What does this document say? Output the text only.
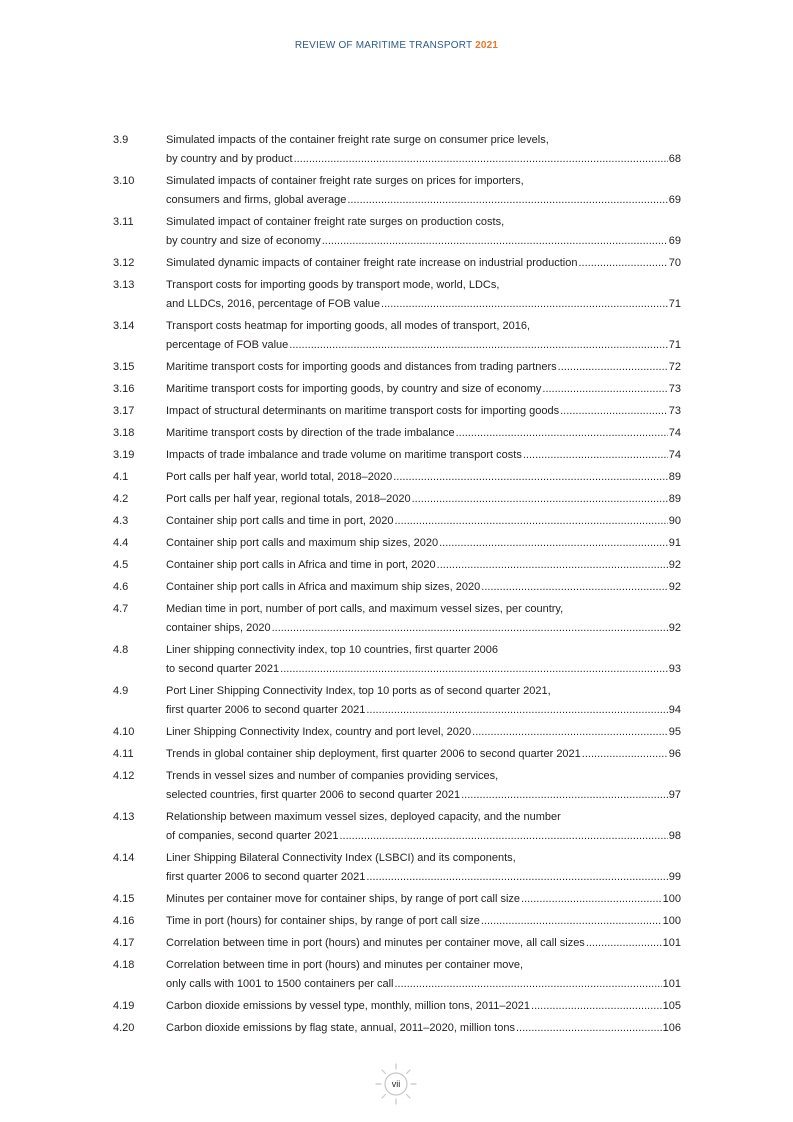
REVIEW OF MARITIME TRANSPORT 2021
3.9	Simulated impacts of the container freight rate surge on consumer price levels,
by country and by product .....	68
3.10	Simulated impacts of container freight rate surges on prices for importers,
consumers and firms, global average .....	69
3.11	Simulated impact of container freight rate surges on production costs,
by country and size of economy .....	69
3.12	Simulated dynamic impacts of container freight rate increase on industrial production .....	70
3.13	Transport costs for importing goods by transport mode, world, LDCs,
and LLDCs, 2016, percentage of FOB value .....	71
3.14	Transport costs heatmap for importing goods, all modes of transport, 2016,
percentage of FOB value .....	71
3.15	Maritime transport costs for importing goods and distances from trading partners .....	72
3.16	Maritime transport costs for importing goods, by country and size of economy .....	73
3.17	Impact of structural determinants on maritime transport costs for importing goods .....	73
3.18	Maritime transport costs by direction of the trade imbalance .....	74
3.19	Impacts of trade imbalance and trade volume on maritime transport costs .....	74
4.1	Port calls per half year, world total, 2018–2020 .....	89
4.2	Port calls per half year, regional totals, 2018–2020 .....	89
4.3	Container ship port calls and time in port, 2020 .....	90
4.4	Container ship port calls and maximum ship sizes, 2020 .....	91
4.5	Container ship port calls in Africa and time in port, 2020 .....	92
4.6	Container ship port calls in Africa and maximum ship sizes, 2020 .....	92
4.7	Median time in port, number of port calls, and maximum vessel sizes, per country,
container ships, 2020 .....	92
4.8	Liner shipping connectivity index, top 10 countries, first quarter 2006
to second quarter 2021 .....	93
4.9	Port Liner Shipping Connectivity Index, top 10 ports as of second quarter 2021,
first quarter 2006 to second quarter 2021 .....	94
4.10	Liner Shipping Connectivity Index, country and port level, 2020 .....	95
4.11	Trends in global container ship deployment, first quarter 2006 to second quarter 2021 .....	96
4.12	Trends in vessel sizes and number of companies providing services,
selected countries, first quarter 2006 to second quarter 2021 .....	97
4.13	Relationship between maximum vessel sizes, deployed capacity, and the number
of companies, second quarter 2021 .....	98
4.14	Liner Shipping Bilateral Connectivity Index (LSBCI) and its components,
first quarter 2006 to second quarter 2021 .....	99
4.15	Minutes per container move for container ships, by range of port call size .....	100
4.16	Time in port (hours) for container ships, by range of port call size .....	100
4.17	Correlation between time in port (hours) and minutes per container move, all call sizes .....	101
4.18	Correlation between time in port (hours) and minutes per container move,
only calls with 1001 to 1500 containers per call .....	101
4.19	Carbon dioxide emissions by vessel type, monthly, million tons, 2011–2021 .....	105
4.20	Carbon dioxide emissions by flag state, annual, 2011–2020, million tons .....	106
vii
